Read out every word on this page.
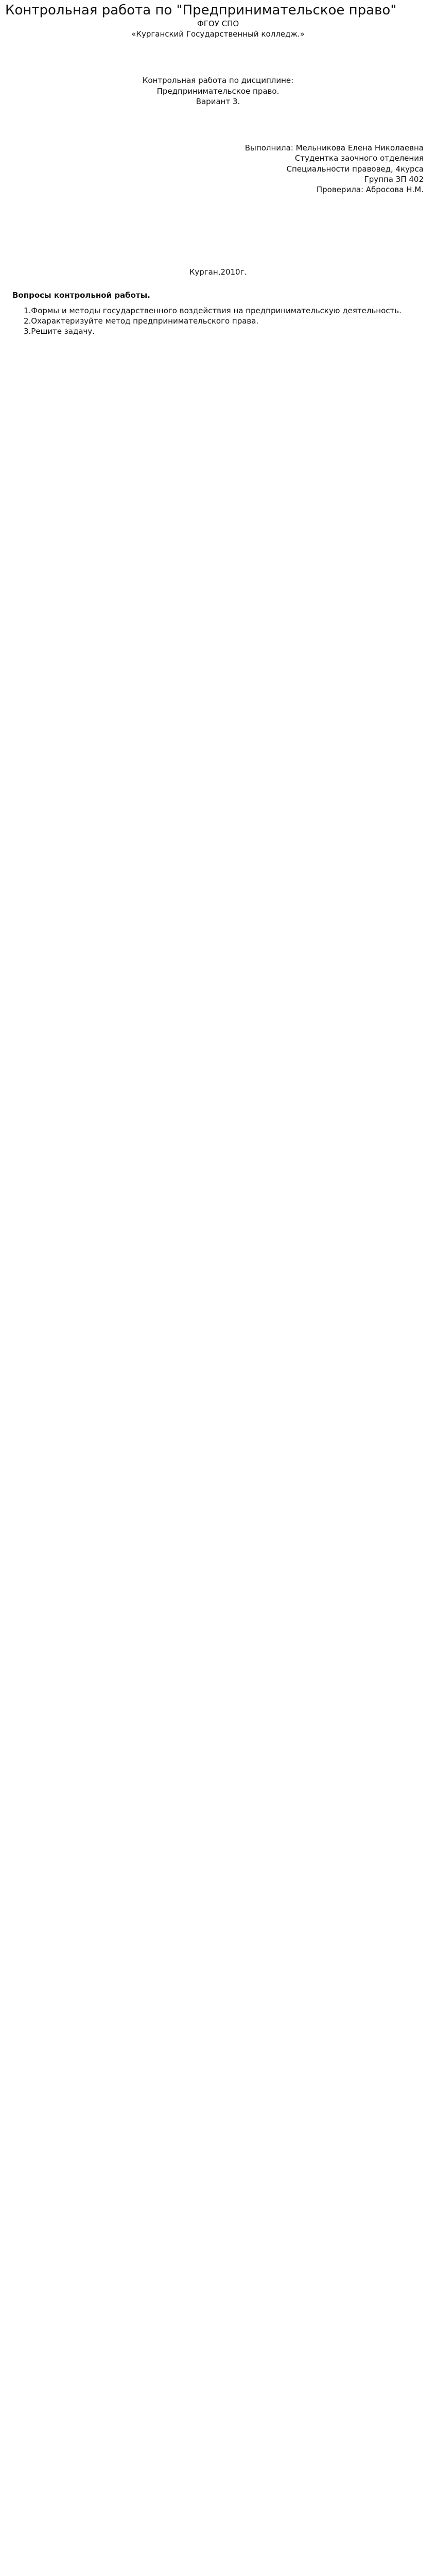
Контрольная работа по "Предпринимательское право"
ФГОУ СПО
«Курганский Государственный колледж.»
Контрольная работа по дисциплине:
Предпринимательское право.
Вариант 3.
Выполнила: Мельникова Елена Николаевна
Студентка заочного отделения
Специальности правовед, 4курса
Группа ЗП 402
Проверила: Абросова Н.М.
Курган,2010г.
Вопросы контрольной работы.
1.Формы и методы государственного воздействия на предпринимательскую деятельность.
2.Охарактеризуйте метод предпринимательского права.
3.Решите задачу.
